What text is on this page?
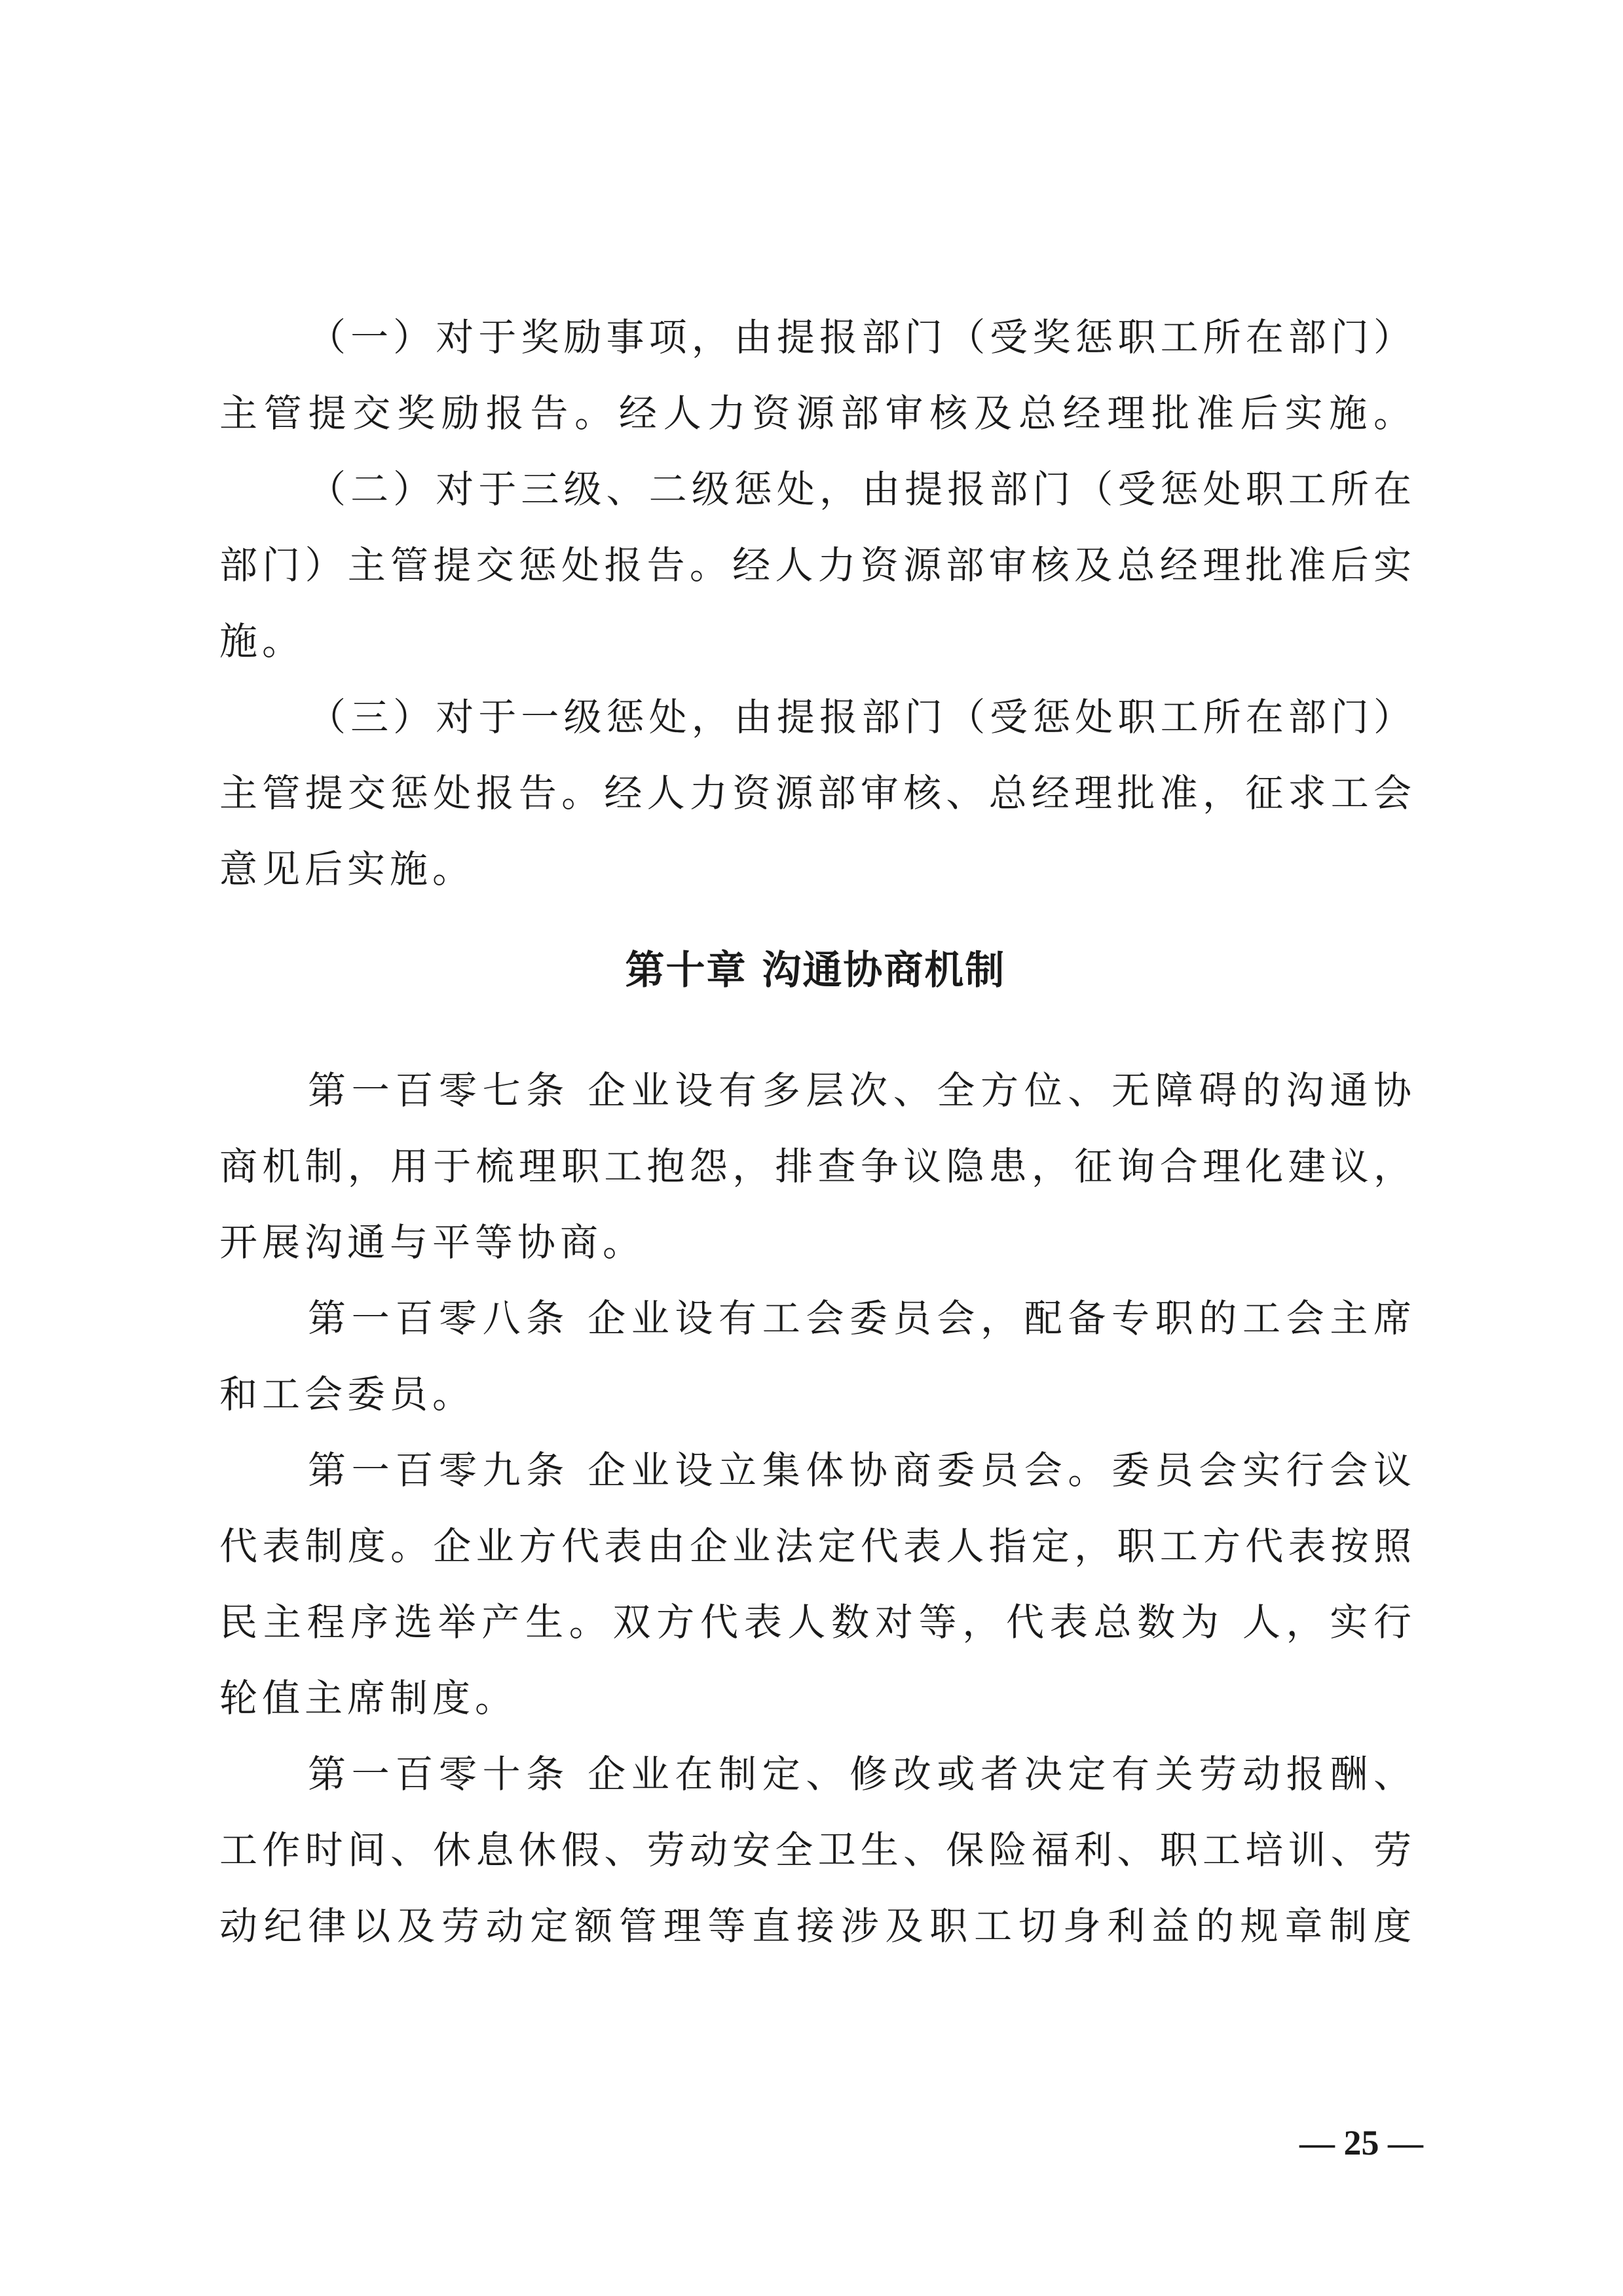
（一）对于奖励事项，由提报部门（受奖惩职工所在部门）
主管提交奖励报告。经人力资源部审核及总经理批准后实施。
（二）对于三级、二级惩处，由提报部门（受惩处职工所在
部门）主管提交惩处报告。经人力资源部审核及总经理批准后实
施。
（三）对于一级惩处，由提报部门（受惩处职工所在部门）
主管提交惩处报告。经人力资源部审核、总经理批准，征求工会
意见后实施。
第十章 沟通协商机制
第一百零七条 企业设有多层次、全方位、无障碍的沟通协
商机制，用于梳理职工抱怨，排查争议隐患，征询合理化建议，
开展沟通与平等协商。
第一百零八条 企业设有工会委员会，配备专职的工会主席
和工会委员。
第一百零九条 企业设立集体协商委员会。委员会实行会议
代表制度。企业方代表由企业法定代表人指定，职工方代表按照
民主程序选举产生。双方代表人数对等，代表总数为 人，实行
轮值主席制度。
第一百零十条 企业在制定、修改或者决定有关劳动报酬、
工作时间、休息休假、劳动安全卫生、保险福利、职工培训、劳
动纪律以及劳动定额管理等直接涉及职工切身利益的规章制度
— 25 —
